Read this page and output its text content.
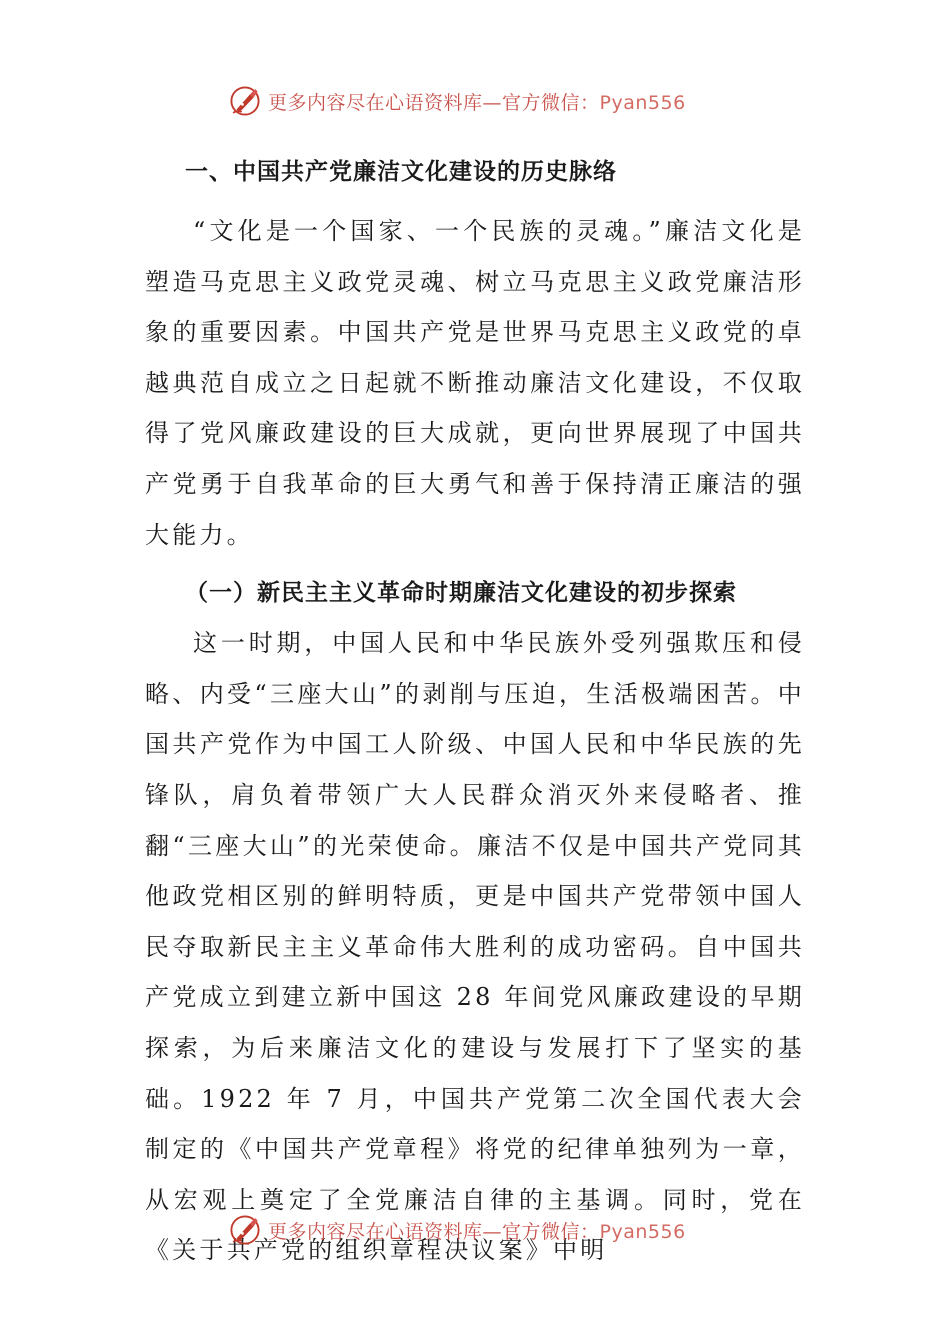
更多内容尽在心语资料库—官方微信：Pyan556
一、中国共产党廉洁文化建设的历史脉络

“文化是一个国家、一个民族的灵魂。”廉洁文化是塑造马克思主义政党灵魂、树立马克思主义政党廉洁形象的重要因素。中国共产党是世界马克思主义政党的卓越典范自成立之日起就不断推动廉洁文化建设，不仅取得了党风廉政建设的巨大成就，更向世界展现了中国共产党勇于自我革命的巨大勇气和善于保持清正廉洁的强大能力。

（一）新民主主义革命时期廉洁文化建设的初步探索

这一时期，中国人民和中华民族外受列强欺压和侵略、内受“三座大山”的剥削与压迫，生活极端困苦。中国共产党作为中国工人阶级、中国人民和中华民族的先锋队，肩负着带领广大人民群众消灭外来侵略者、推翻“三座大山”的光荣使命。廉洁不仅是中国共产党同其他政党相区别的鲜明特质，更是中国共产党带领中国人民夺取新民主主义革命伟大胜利的成功密码。自中国共产党成立到建立新中国这 28 年间党风廉政建设的早期探索，为后来廉洁文化的建设与发展打下了坚实的基础。1922 年 7 月，中国共产党第二次全国代表大会制定的《中国共产党章程》将党的纪律单独列为一章，从宏观上奠定了全党廉洁自律的主基调。同时，党在《关于共产党的组织章程决议案》中明

更多内容尽在心语资料库—官方微信：Pyan556
